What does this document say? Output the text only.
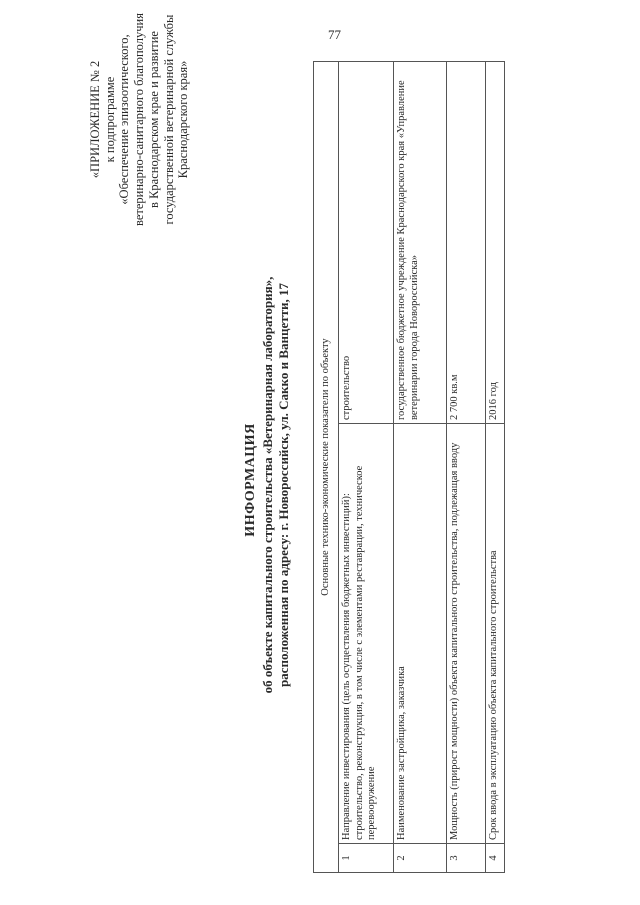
77
«ПРИЛОЖЕНИЕ № 2 к подпрограмме «Обеспечение эпизоотического, ветеринарно-санитарного благополучия в Краснодарском крае и развитие государственной ветеринарной службы Краснодарского края»
ИНФОРМАЦИЯ об объекте капитального строительства «Ветеринарная лаборатория», расположенная по адресу: г. Новороссийск, ул. Сакко и Ванцетти, 17	Основные технико-экономические показатели по объекту		
1	Направление инвестирования (цель осуществления бюджетных инвестиций): строительство, реконструкция, в том числе с элементами реставрации, техническое перевооружение	строительство
2	Наименование застройщика, заказчика	государственное бюджетное учреждение Краснодарского края «Управление ветеринарии города Новороссийска»
3	Мощность (прирост мощности) объекта капитального строительства, подлежащая вводу	2 700 кв.м
4	Срок ввода в эксплуатацию объекта капитального строительства	2016 год
